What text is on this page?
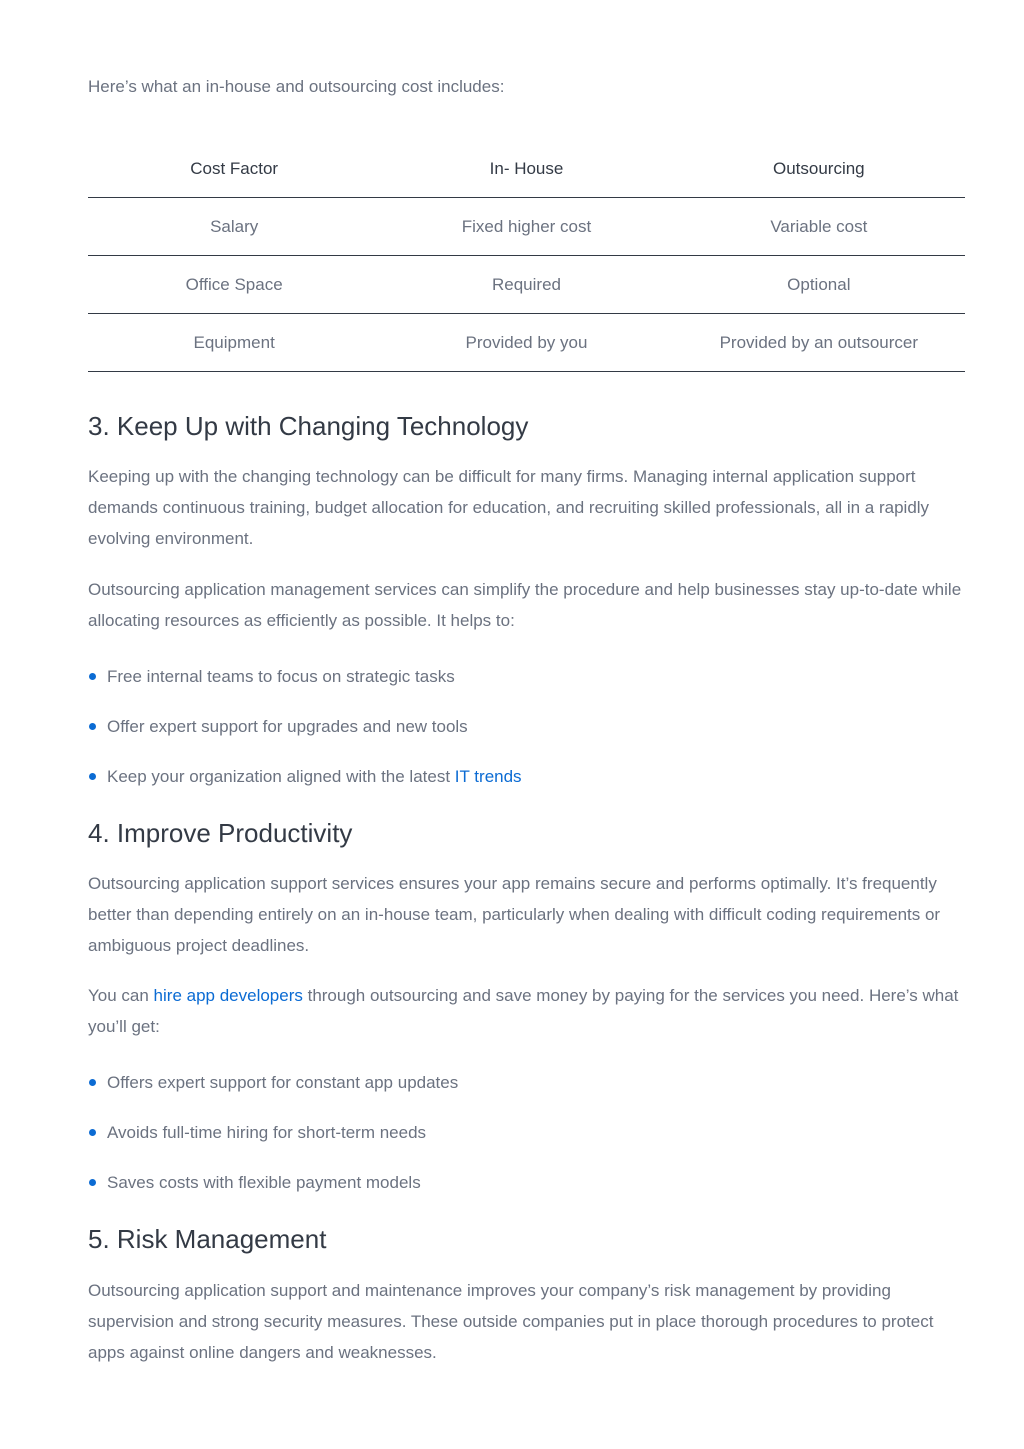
Here’s what an in-house and outsourcing cost includes:

Cost Factor	In- House	Outsourcing
Salary	Fixed higher cost	Variable cost
Office Space	Required	Optional
Equipment	Provided by you	Provided by an outsourcer
3. Keep Up with Changing Technology

Keeping up with the changing technology can be difficult for many firms. Managing internal application support demands continuous training, budget allocation for education, and recruiting skilled professionals, all in a rapidly evolving environment.

Outsourcing application management services can simplify the procedure and help businesses stay up-to-date while allocating resources as efficiently as possible. It helps to:

Free internal teams to focus on strategic tasks
Offer expert support for upgrades and new tools
Keep your organization aligned with the latest IT trends
4. Improve Productivity

Outsourcing application support services ensures your app remains secure and performs optimally. It’s frequently better than depending entirely on an in-house team, particularly when dealing with difficult coding requirements or ambiguous project deadlines.

You can hire app developers through outsourcing and save money by paying for the services you need. Here’s what you’ll get:

Offers expert support for constant app updates
Avoids full-time hiring for short-term needs
Saves costs with flexible payment models
5. Risk Management

Outsourcing application support and maintenance improves your company’s risk management by providing supervision and strong security measures. These outside companies put in place thorough procedures to protect apps against online dangers and weaknesses.
